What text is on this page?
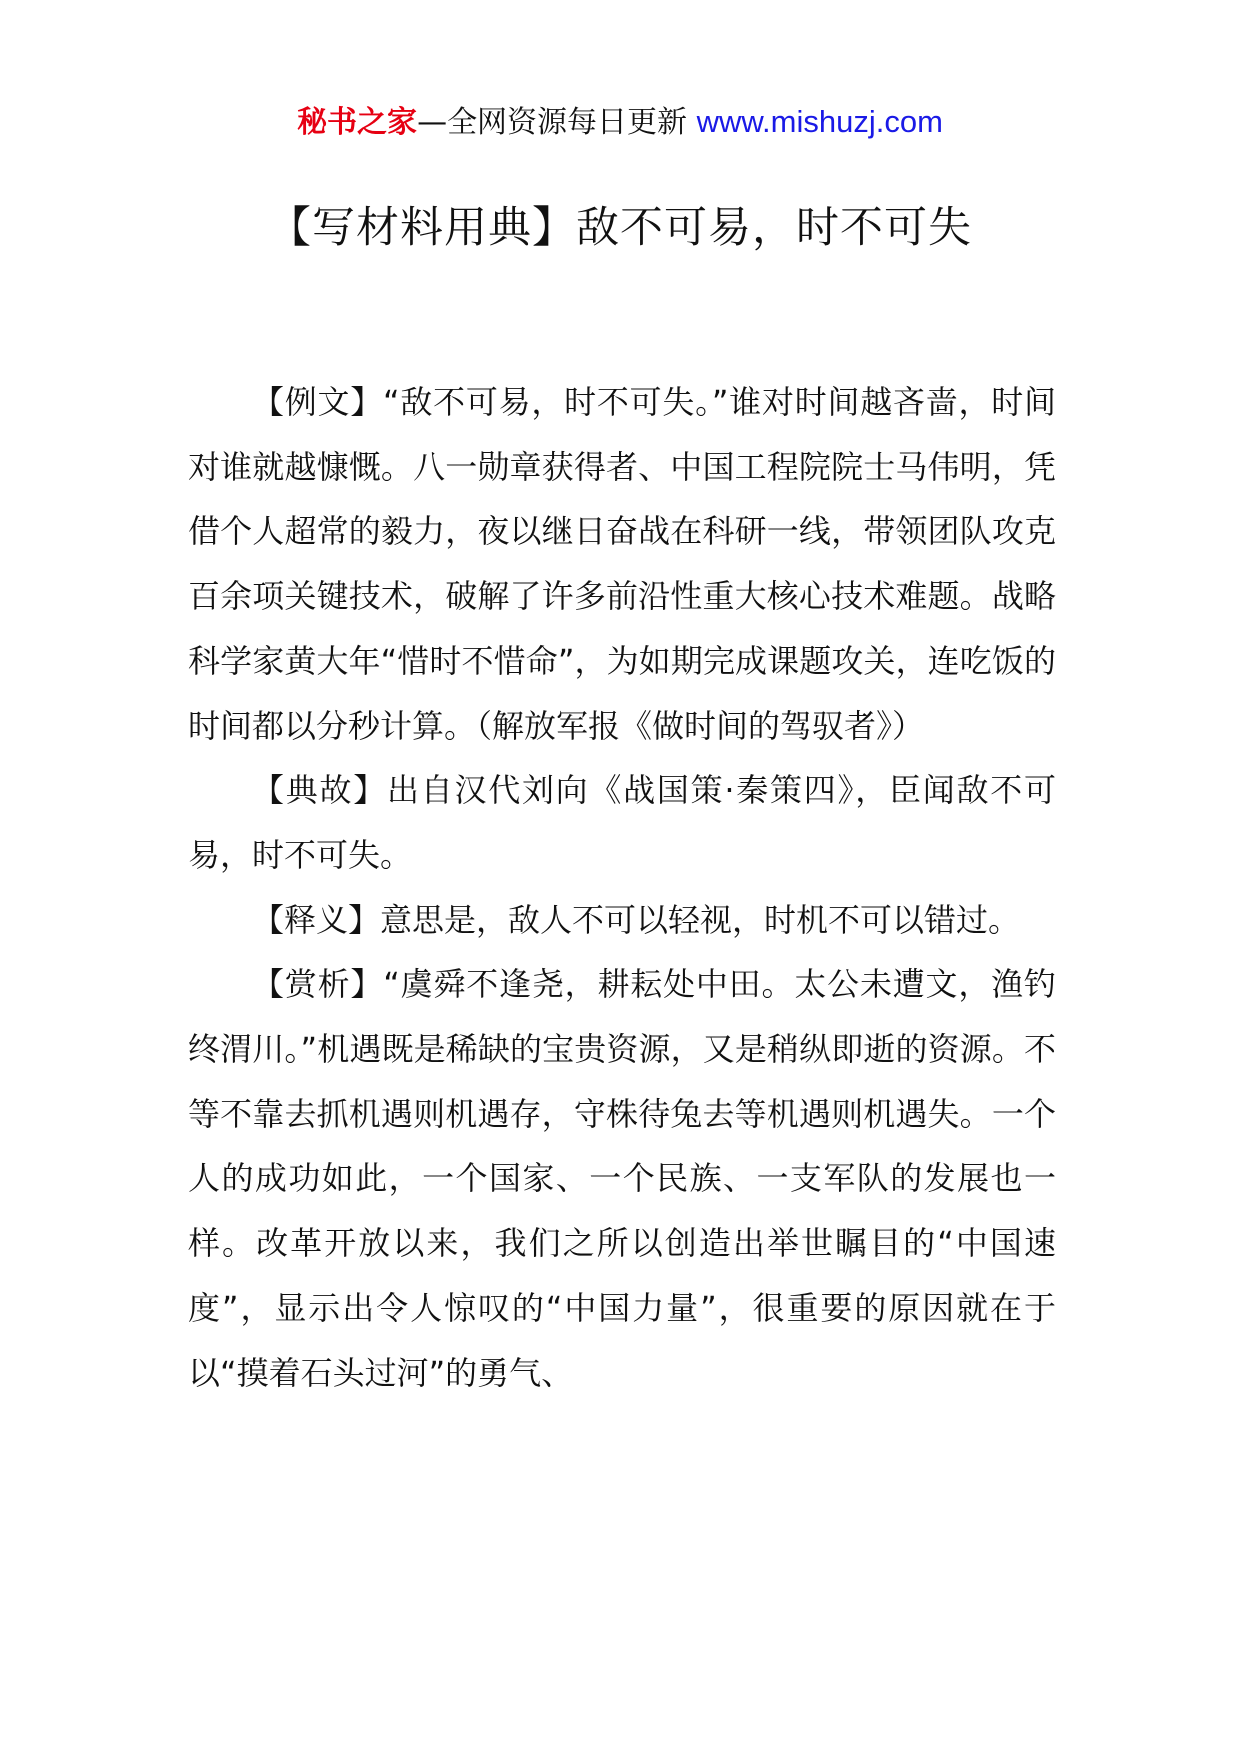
秘书之家—全网资源每日更新 www.mishuzj.com
【写材料用典】敌不可易，时不可失

【例文】“敌不可易，时不可失。”谁对时间越吝啬，时间对谁就越慷慨。八一勋章获得者、中国工程院院士马伟明，凭借个人超常的毅力，夜以继日奋战在科研一线，带领团队攻克百余项关键技术，破解了许多前沿性重大核心技术难题。战略科学家黄大年“惜时不惜命”，为如期完成课题攻关，连吃饭的时间都以分秒计算。（解放军报《做时间的驾驭者》）

【典故】出自汉代刘向《战国策·秦策四》，臣闻敌不可易，时不可失。

【释义】意思是，敌人不可以轻视，时机不可以错过。

【赏析】“虞舜不逢尧，耕耘处中田。太公未遭文，渔钓终渭川。”机遇既是稀缺的宝贵资源，又是稍纵即逝的资源。不等不靠去抓机遇则机遇存，守株待兔去等机遇则机遇失。一个人的成功如此，一个国家、一个民族、一支军队的发展也一样。改革开放以来，我们之所以创造出举世瞩目的“中国速度”，显示出令人惊叹的“中国力量”，很重要的原因就在于以“摸着石头过河”的勇气、
